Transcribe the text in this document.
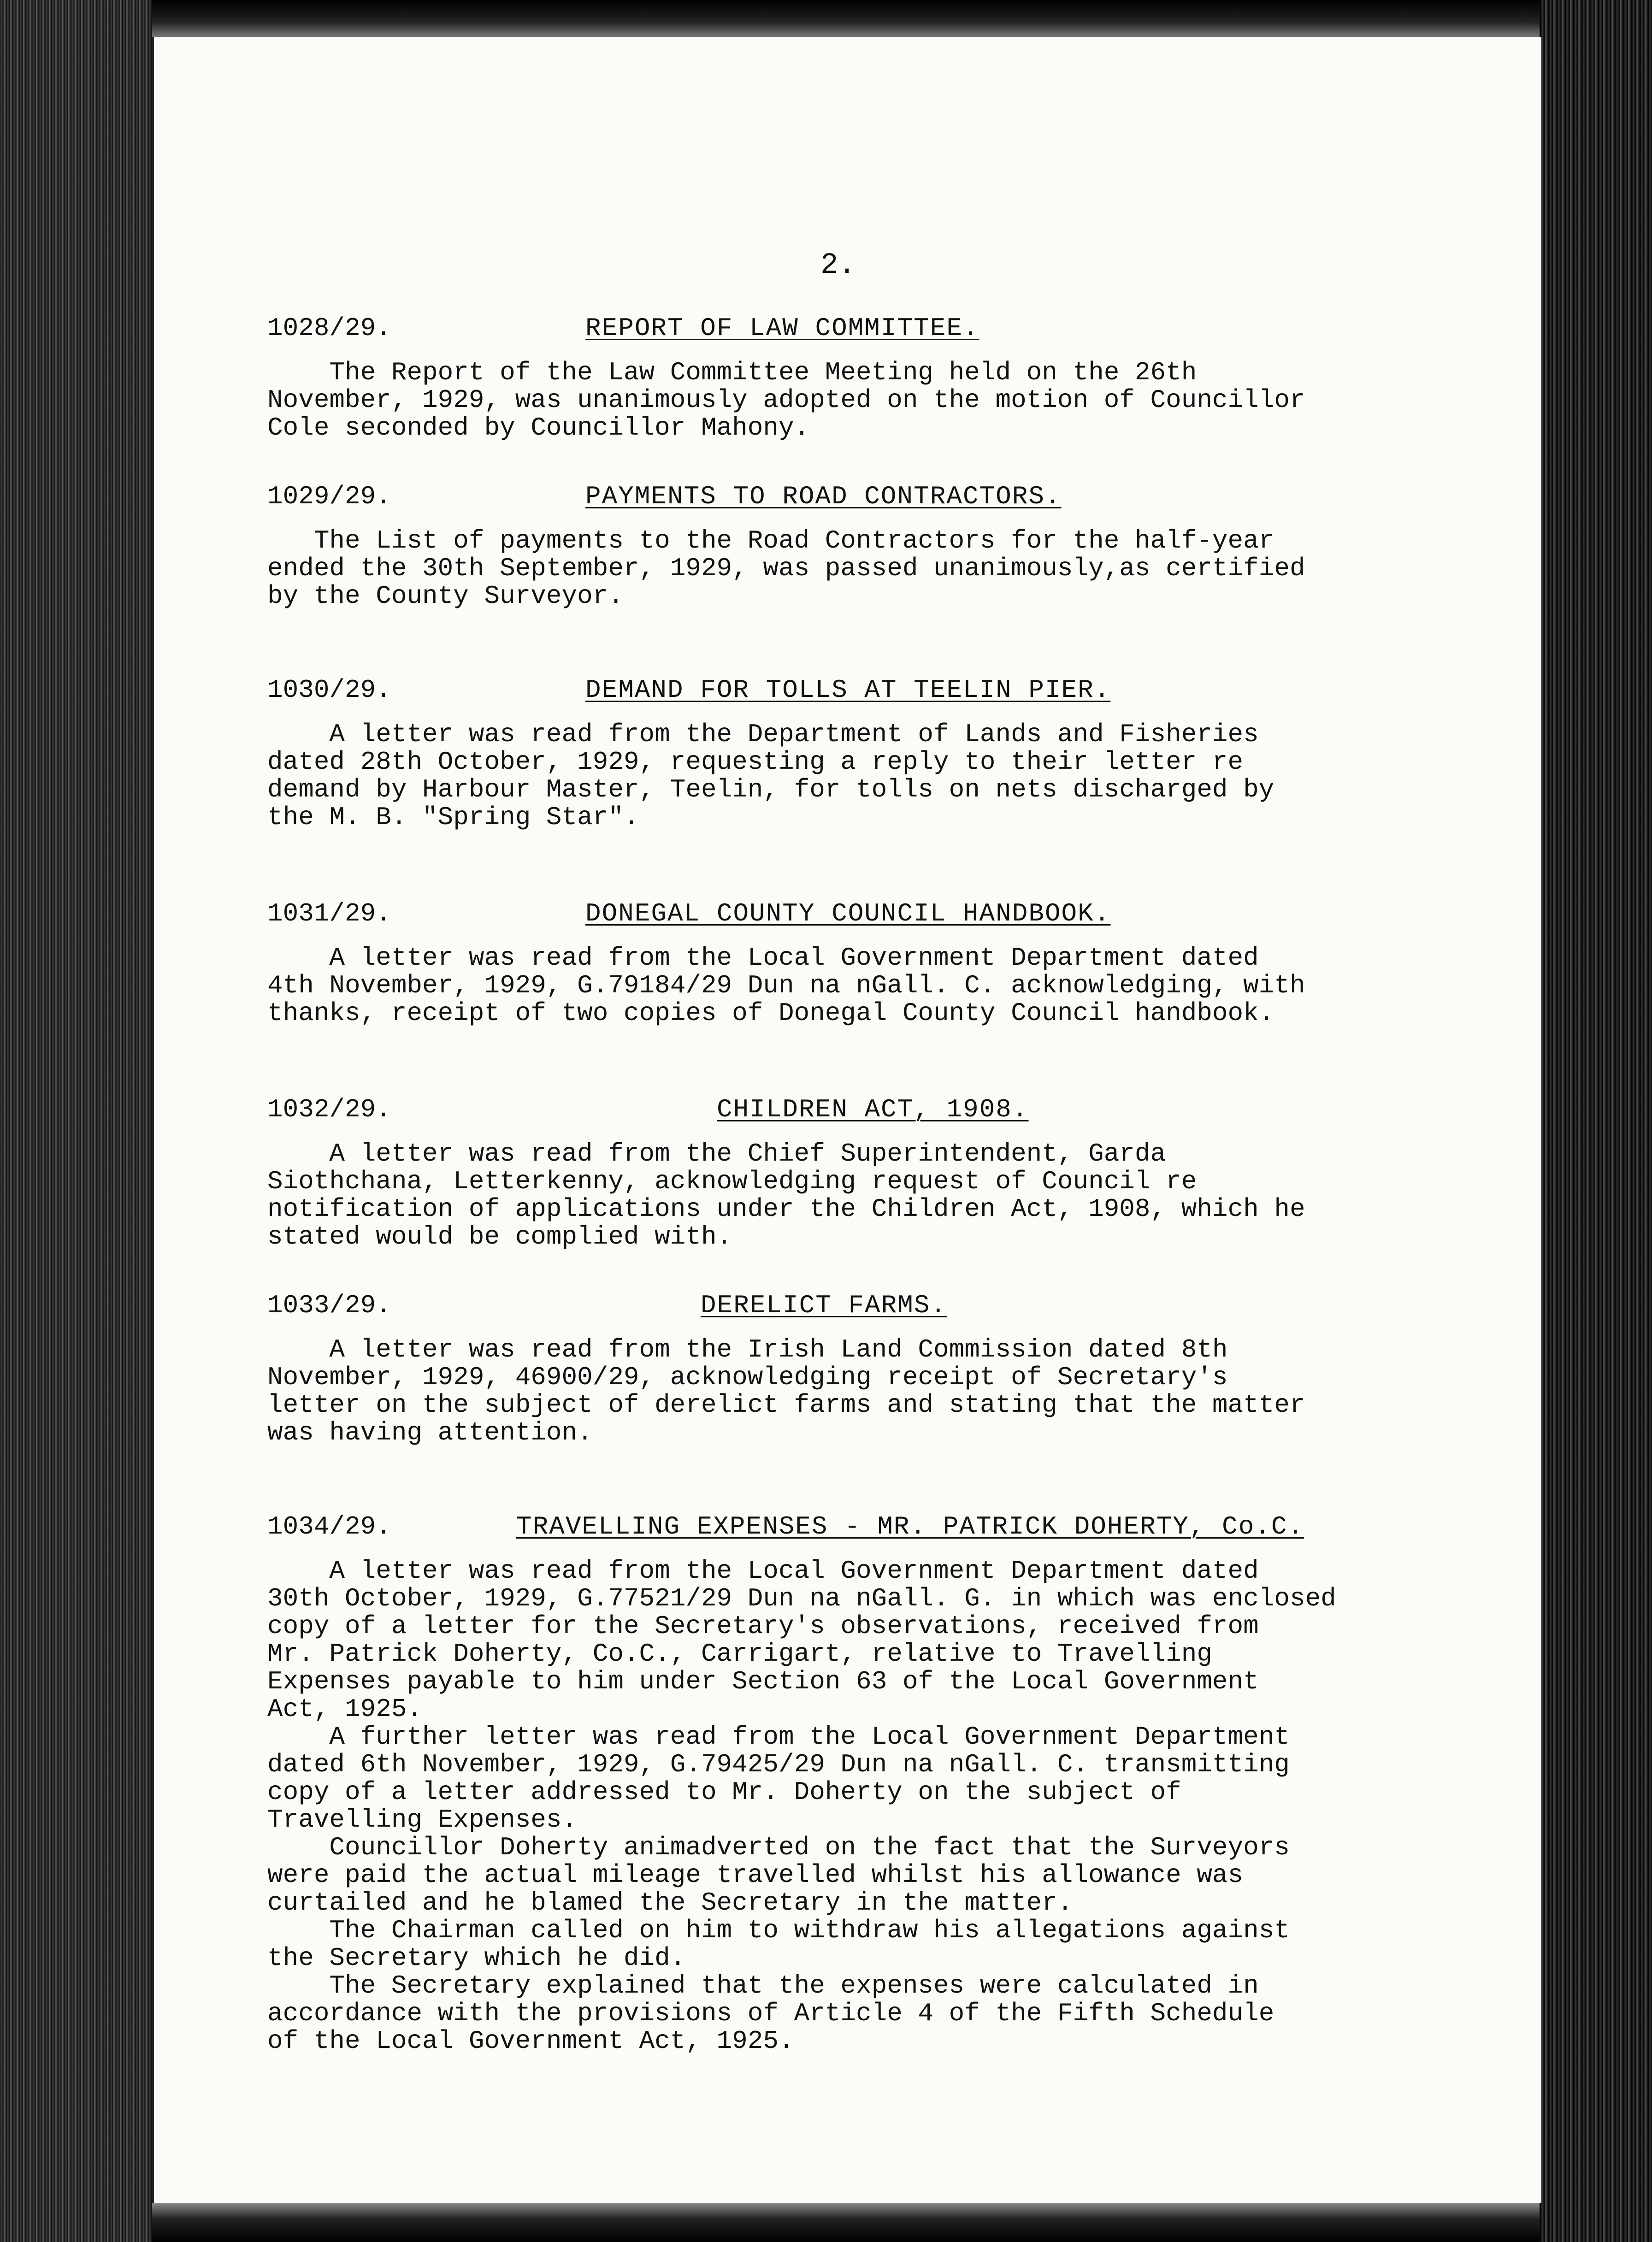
2.
1028/29.	REPORT OF LAW COMMITTEE.

The Report of the Law Committee Meeting held on the 26th
November, 1929, was unanimously adopted on the motion of Councillor
Cole seconded by Councillor Mahony.

1029/29.	PAYMENTS TO ROAD CONTRACTORS.

The List of payments to the Road Contractors for the half-year
ended the 30th September, 1929, was passed unanimously,as certified
by the County Surveyor.

1030/29.	DEMAND FOR TOLLS AT TEELIN PIER.

A letter was read from the Department of Lands and Fisheries
dated 28th October, 1929, requesting a reply to their letter re
demand by Harbour Master, Teelin, for tolls on nets discharged by
the M. B. "Spring Star".

1031/29.	DONEGAL COUNTY COUNCIL HANDBOOK.

A letter was read from the Local Government Department dated
4th November, 1929, G.79184/29 Dun na nGall. C. acknowledging, with
thanks, receipt of two copies of Donegal County Council handbook.

1032/29.	CHILDREN ACT, 1908.

A letter was read from the Chief Superintendent, Garda
Siothchana, Letterkenny, acknowledging request of Council re
notification of applications under the Children Act, 1908, which he
stated would be complied with.

1033/29.	DERELICT FARMS.

A letter was read from the Irish Land Commission dated 8th
November, 1929, 46900/29, acknowledging receipt of Secretary's
letter on the subject of derelict farms and stating that the matter
was having attention.

1034/29.	TRAVELLING EXPENSES - MR. PATRICK DOHERTY, Co.C.

A letter was read from the Local Government Department dated
30th October, 1929, G.77521/29 Dun na nGall. G. in which was enclosed
copy of a letter for the Secretary's observations, received from
Mr. Patrick Doherty, Co.C., Carrigart, relative to Travelling
Expenses payable to him under Section 63 of the Local Government
Act, 1925.

A further letter was read from the Local Government Department
dated 6th November, 1929, G.79425/29 Dun na nGall. C. transmitting
copy of a letter addressed to Mr. Doherty on the subject of
Travelling Expenses.

Councillor Doherty animadverted on the fact that the Surveyors
were paid the actual mileage travelled whilst his allowance was
curtailed and he blamed the Secretary in the matter.

The Chairman called on him to withdraw his allegations against
the Secretary which he did.

The Secretary explained that the expenses were calculated in
accordance with the provisions of Article 4 of the Fifth Schedule
of the Local Government Act, 1925.
